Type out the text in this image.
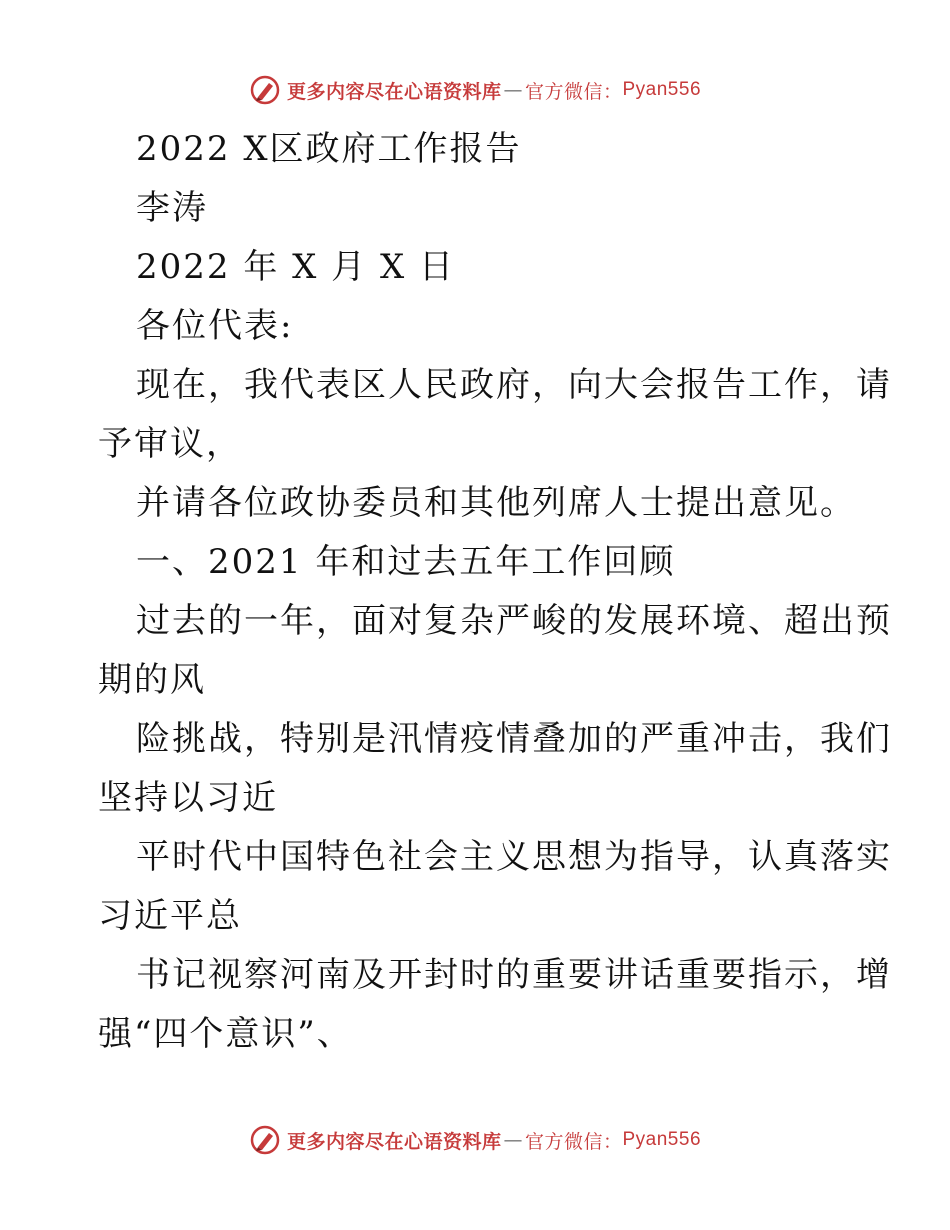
更多内容尽在心语资料库 — 官方微信： Pyan556
2022 X区政府工作报告
李涛
2022 年 X 月 X 日
各位代表:
现在，我代表区人民政府，向大会报告工作，请
予审议，
并请各位政协委员和其他列席人士提出意见。
一、2021 年和过去五年工作回顾
过去的一年，面对复杂严峻的发展环境、超出预
期的风
险挑战，特别是汛情疫情叠加的严重冲击，我们
坚持以习近
平时代中国特色社会主义思想为指导，认真落实
习近平总
书记视察河南及开封时的重要讲话重要指示，增
强“四个意识”、
更多内容尽在心语资料库 — 官方微信： Pyan556
